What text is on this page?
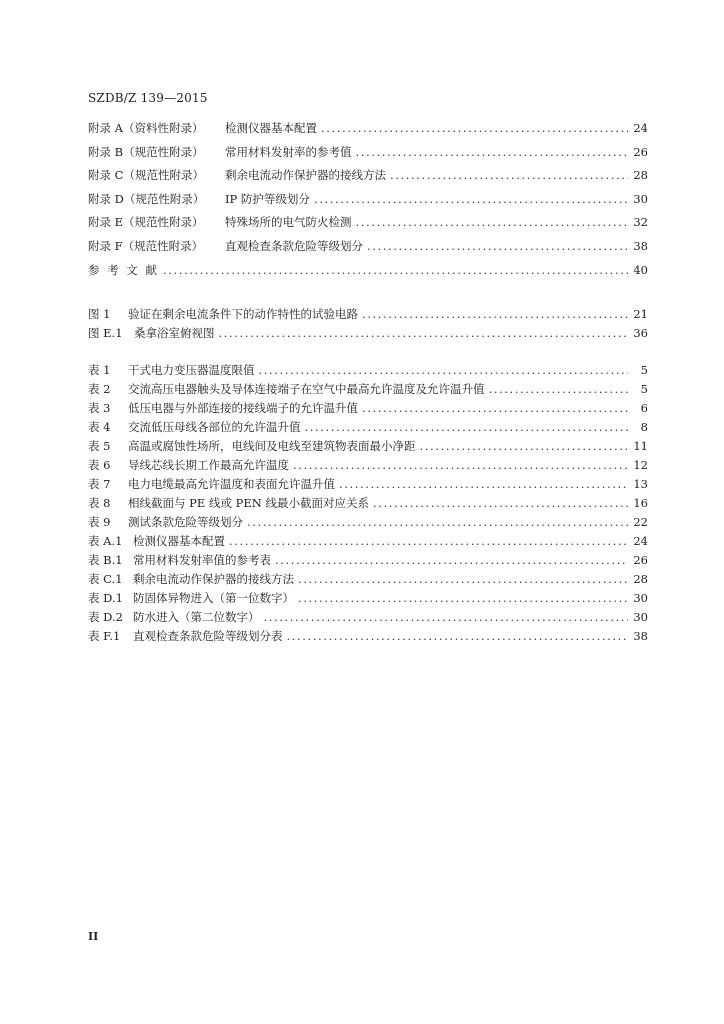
SZDB/Z 139—2015
附录 A（资料性附录）	检测仪器基本配置 .....	24
附录 B（规范性附录）	常用材料发射率的参考值 .....	26
附录 C（规范性附录）	剩余电流动作保护器的接线方法 .....	28
附录 D（规范性附录）	IP 防护等级划分 .....	30
附录 E（规范性附录）	特殊场所的电气防火检测 .....	32
附录 F（规范性附录）	直观检查条款危险等级划分 .....	38
参 考 文 献 .....	40
图 1	验证在剩余电流条件下的动作特性的试验电路 .....	21
图 E.1 桑拿浴室俯视图 .....	36
表 1	干式电力变压器温度限值 .....	5
表 2	交流高压电器触头及导体连接端子在空气中最高允许温度及允许温升值 .....	5
表 3	低压电器与外部连接的接线端子的允许温升值 .....	6
表 4	交流低压母线各部位的允许温升值 .....	8
表 5	高温或腐蚀性场所，电线间及电线至建筑物表面最小净距 .....	11
表 6	导线芯线长期工作最高允许温度 .....	12
表 7	电力电缆最高允许温度和表面允许温升值 .....	13
表 8	相线截面与 PE 线或 PEN 线最小截面对应关系 .....	16
表 9	测试条款危险等级划分 .....	22
表 A.1 检测仪器基本配置 .....	24
表 B.1 常用材料发射率值的参考表 .....	26
表 C.1 剩余电流动作保护器的接线方法 .....	28
表 D.1 防固体异物进入（第一位数字） .....	30
表 D.2 防水进入（第二位数字） .....	30
表 F.1	直观检查条款危险等级划分表 .....	38
II
